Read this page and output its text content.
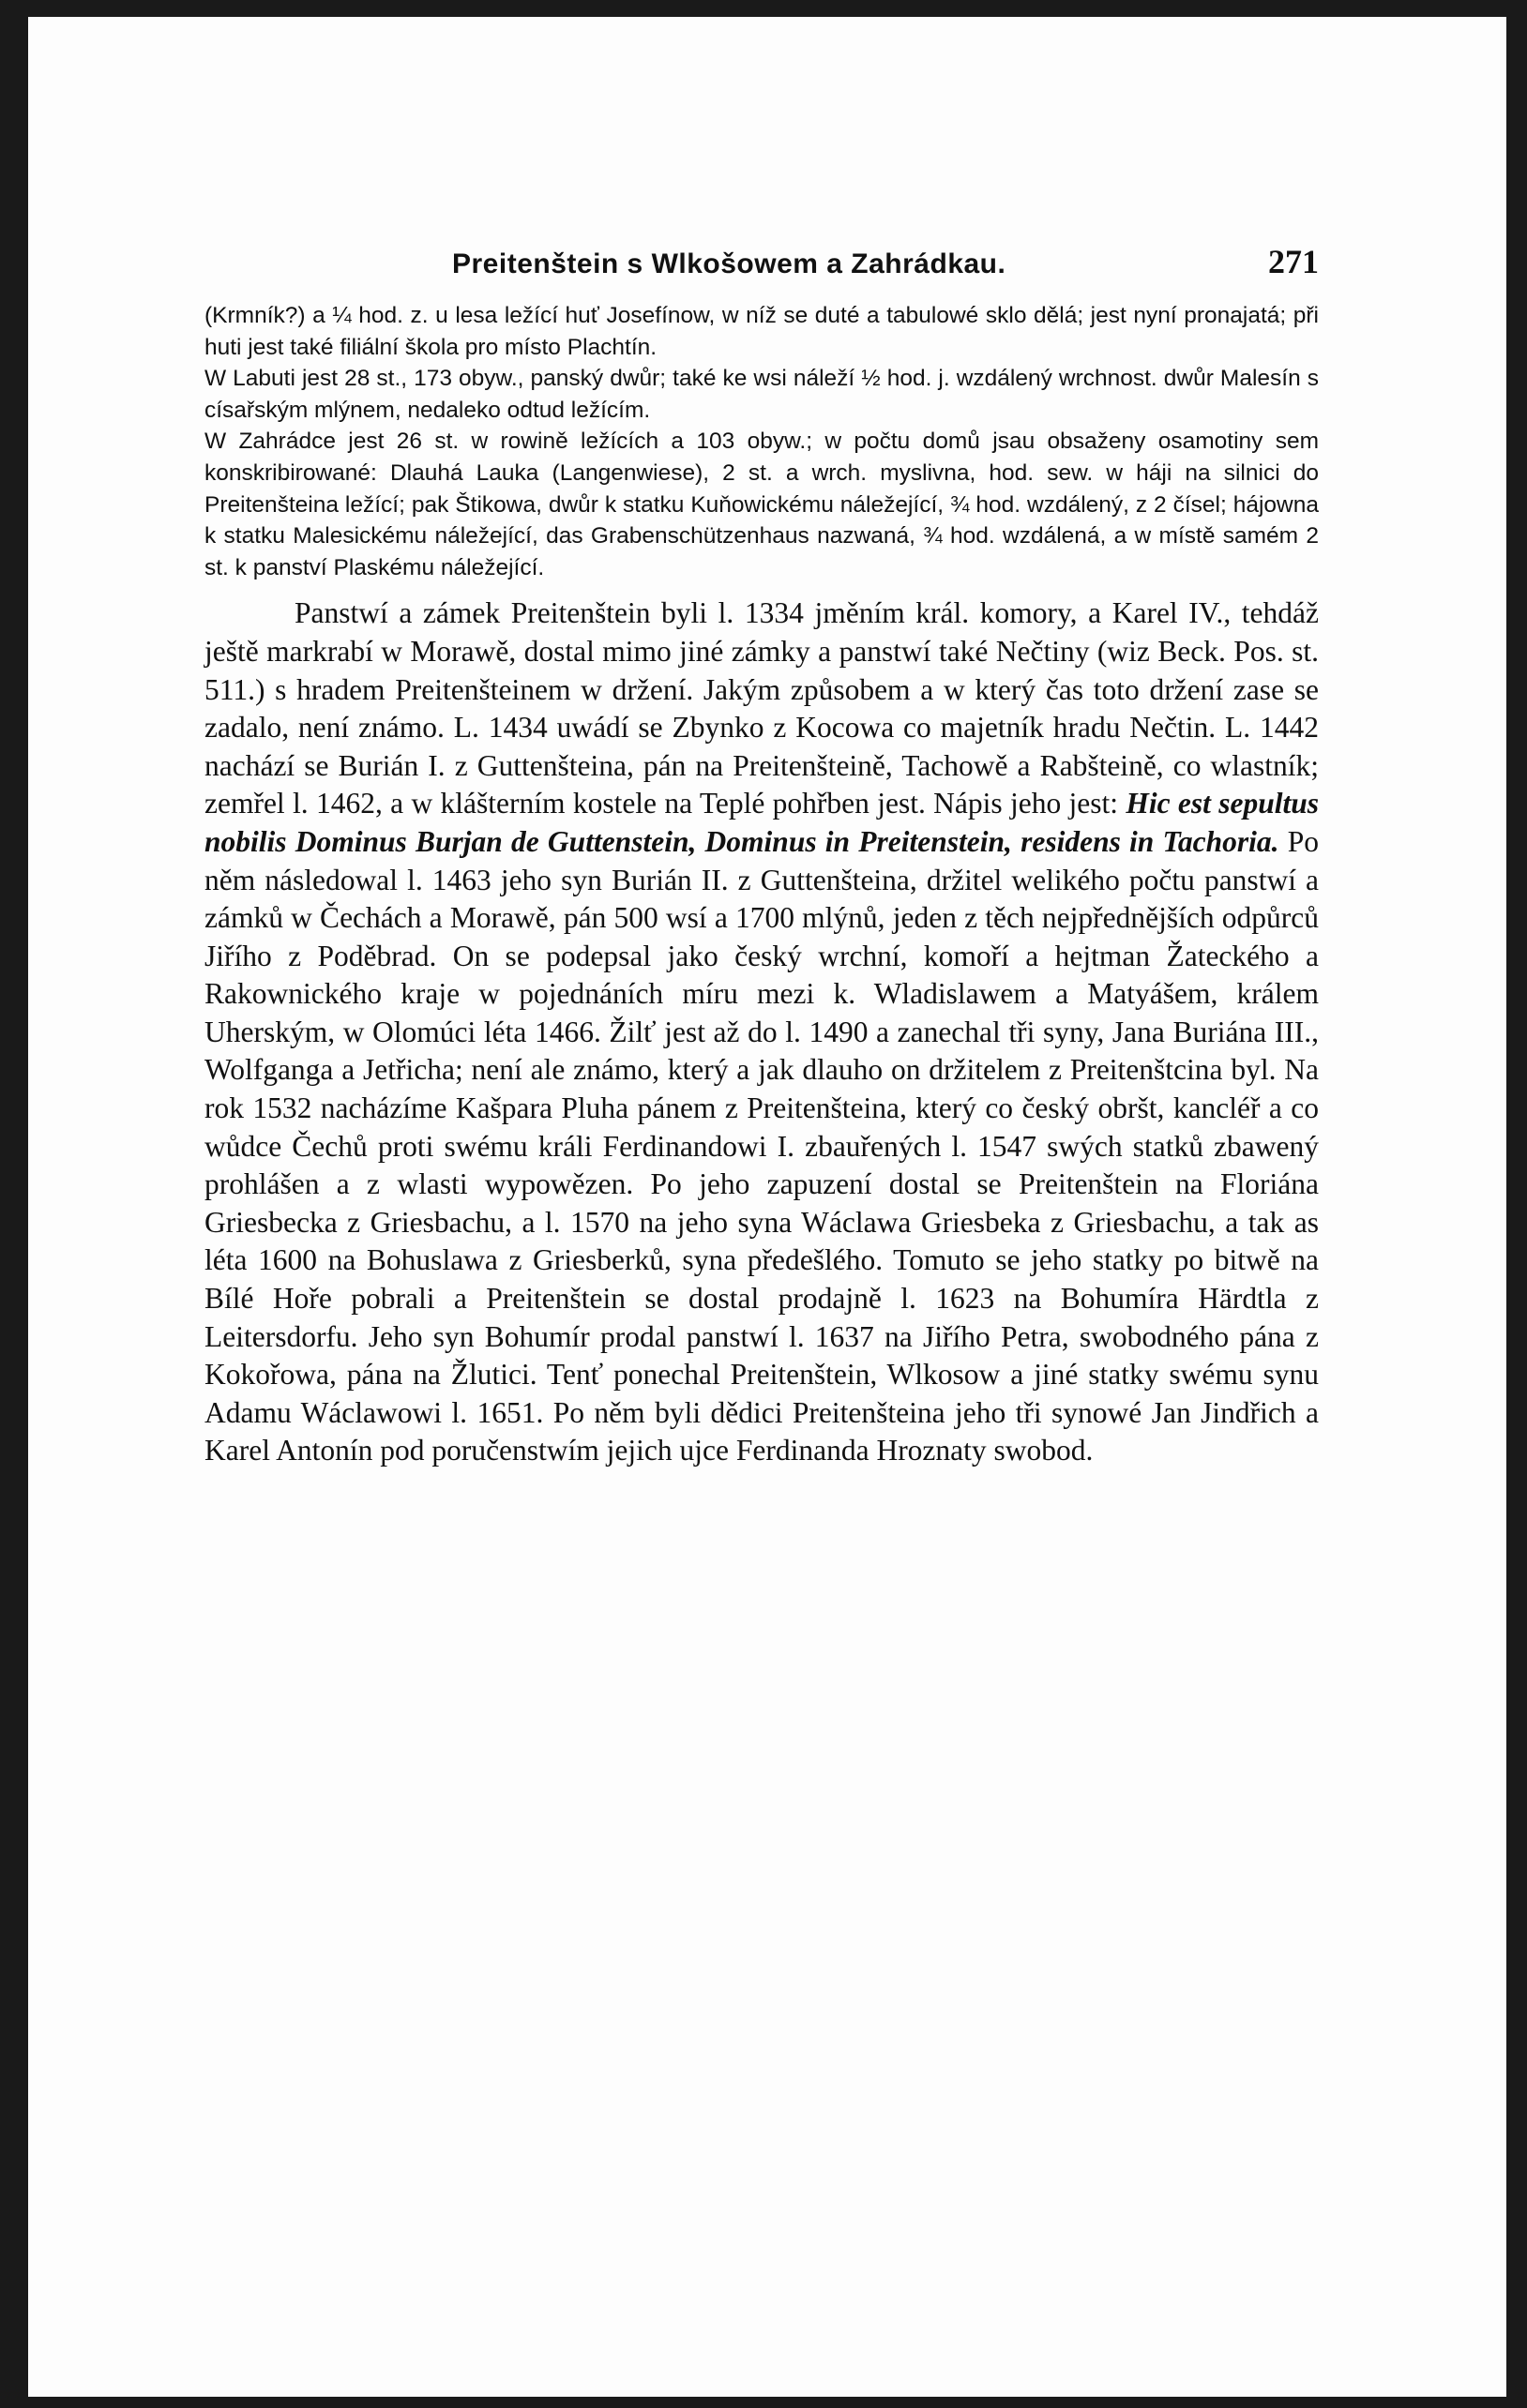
Preitenštein s Wlkošowem a Zahrádkau.	271

(Krmník?) a ¼ hod. z. u lesa ležící huť Josefínow, w níž se duté a tabulowé sklo dělá; jest nyní pronajatá; při huti jest také filiální škola pro místo Plachtín.

W Labuti jest 28 st., 173 obyw., panský dwůr; také ke wsi náleží ½ hod. j. wzdálený wrchnost. dwůr Malesín s císařským mlýnem, nedaleko odtud ležícím.

W Zahrádce jest 26 st. w rowině ležících a 103 obyw.; w počtu domů jsau obsaženy osamotiny sem konskribirowané: Dlauhá Lauka (Langenwiese), 2 st. a wrch. myslivna, hod. sew. w háji na silnici do Preitenšteina ležící; pak Štikowa, dwůr k statku Kuňowickému náležející, ¾ hod. wzdálený, z 2 čísel; hájowna k statku Malesickému náležející, das Grabenschützenhaus nazwaná, ¾ hod. wzdálená, a w místě samém 2 st. k panství Plaskému náležející.

Panstwí a zámek Preitenštein byli l. 1334 jměním král. komory, a Karel IV., tehdáž ještě markrabí w Morawě, dostal mimo jiné zámky a panstwí také Nečtiny (wiz Beck. Pos. st. 511.) s hradem Preitenšteinem w držení. Jakým způsobem a w který čas toto držení zase se zadalo, není známo. L. 1434 uwádí se Zbynko z Kocowa co majetník hradu Nečtin. L. 1442 nachází se Burián I. z Guttenšteina, pán na Preitenšteině, Tachowě a Rabšteině, co wlastník; zemřel l. 1462, a w klášterním kostele na Teplé pohřben jest. Nápis jeho jest: Hic est sepultus nobilis Dominus Burjan de Guttenstein, Dominus in Preitenstein, residens in Tachoria. Po něm následowal l. 1463 jeho syn Burián II. z Guttenšteina, držitel welikého počtu panstwí a zámků w Čechách a Morawě, pán 500 wsí a 1700 mlýnů, jeden z těch nejpřednějších odpůrců Jiřího z Poděbrad. On se podepsal jako český wrchní, komoří a hejtman Žateckého a Rakownického kraje w pojednáních míru mezi k. Wladislawem a Matyášem, králem Uherským, w Olomúci léta 1466. Žilť jest až do l. 1490 a zanechal tři syny, Jana Buriána III., Wolfganga a Jetřicha; není ale známo, který a jak dlauho on držitelem z Preitenštcina byl. Na rok 1532 nacházíme Kašpara Pluha pánem z Preitenšteina, který co český obršt, kancléř a co wůdce Čechů proti swému králi Ferdinandowi I. zbauřených l. 1547 swých statků zbawený prohlášen a z wlasti wypowězen. Po jeho zapuzení dostal se Preitenštein na Floriána Griesbecka z Griesbachu, a l. 1570 na jeho syna Wáclawa Griesbeka z Griesbachu, a tak as léta 1600 na Bohuslawa z Griesberků, syna předešlého. Tomuto se jeho statky po bitwě na Bílé Hoře pobrali a Preitenštein se dostal prodajně l. 1623 na Bohumíra Härdtla z Leitersdorfu. Jeho syn Bohumír prodal panstwí l. 1637 na Jiřího Petra, swobodného pána z Kokořowa, pána na Žlutici. Tenť ponechal Preitenštein, Wlkosow a jiné statky swému synu Adamu Wáclawowi l. 1651. Po něm byli dědici Preitenšteina jeho tři synowé Jan Jindřich a Karel Antonín pod poručenstwím jejich ujce Ferdinanda Hroznaty swobod.
